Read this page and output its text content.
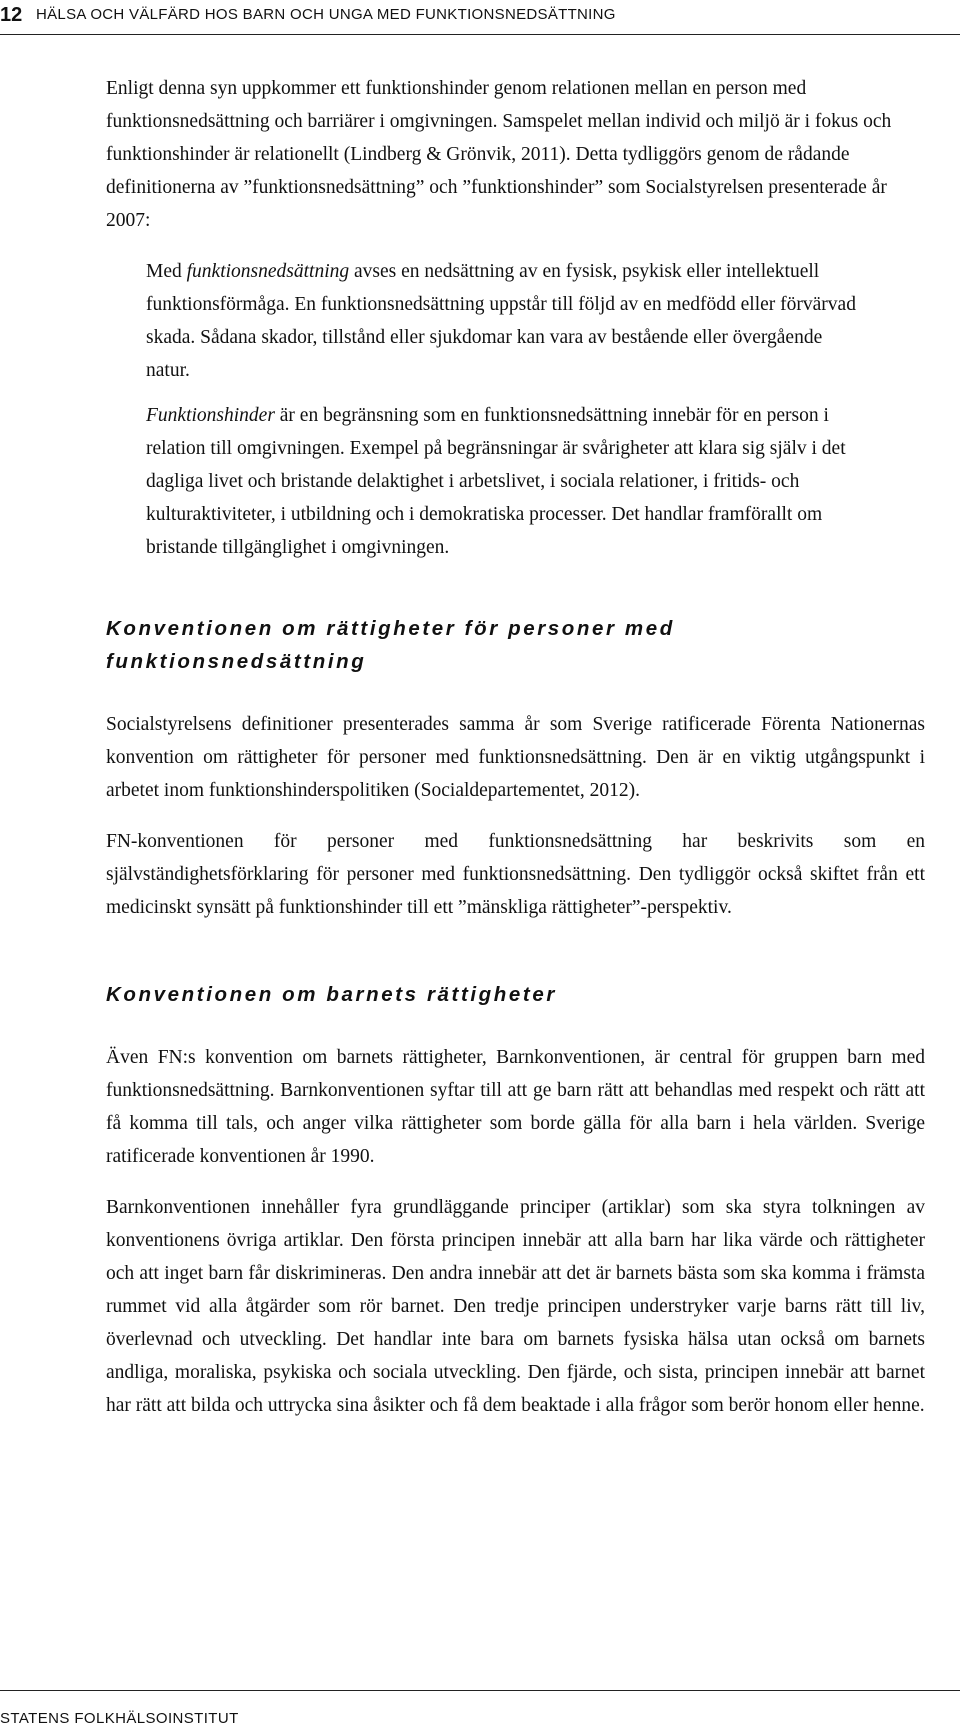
12 HÄLSA OCH VÄLFÄRD HOS BARN OCH UNGA MED FUNKTIONSNEDSÄTTNING

Enligt denna syn uppkommer ett funktionshinder genom relationen mellan en person med funktionsnedsättning och barriärer i omgivningen. Samspelet mellan individ och miljö är i fokus och funktionshinder är relationellt (Lindberg & Grönvik, 2011). Detta tydliggörs genom de rådande definitionerna av ”funktionsnedsättning” och ”funktionshinder” som Socialstyrelsen presenterade år 2007:

Med funktionsnedsättning avses en nedsättning av en fysisk, psykisk eller intellektuell funktionsförmåga. En funktionsnedsättning uppstår till följd av en medfödd eller förvärvad skada. Sådana skador, tillstånd eller sjukdomar kan vara av bestående eller övergående natur.

Funktionshinder är en begränsning som en funktionsnedsättning innebär för en person i relation till omgivningen. Exempel på begränsningar är svårigheter att klara sig själv i det dagliga livet och bristande delaktighet i arbetslivet, i sociala relationer, i fritids- och kulturaktiviteter, i utbildning och i demokratiska processer. Det handlar framförallt om bristande tillgänglighet i omgivningen.

Konventionen om rättigheter för personer med funktionsnedsättning

Socialstyrelsens definitioner presenterades samma år som Sverige ratificerade Förenta Nationernas konvention om rättigheter för personer med funktionsnedsättning. Den är en viktig utgångspunkt i arbetet inom funktionshinderspolitiken (Socialdepartementet, 2012).

FN-konventionen för personer med funktionsnedsättning har beskrivits som en självständighetsförklaring för personer med funktionsnedsättning. Den tydliggör också skiftet från ett medicinskt synsätt på funktionshinder till ett ”mänskliga rättigheter”-perspektiv.

Konventionen om barnets rättigheter

Även FN:s konvention om barnets rättigheter, Barnkonventionen, är central för gruppen barn med funktionsnedsättning. Barnkonventionen syftar till att ge barn rätt att behandlas med respekt och rätt att få komma till tals, och anger vilka rättigheter som borde gälla för alla barn i hela världen. Sverige ratificerade konventionen år 1990.

Barnkonventionen innehåller fyra grundläggande principer (artiklar) som ska styra tolkningen av konventionens övriga artiklar. Den första principen innebär att alla barn har lika värde och rättigheter och att inget barn får diskrimineras. Den andra innebär att det är barnets bästa som ska komma i främsta rummet vid alla åtgärder som rör barnet. Den tredje principen understryker varje barns rätt till liv, överlevnad och utveckling. Det handlar inte bara om barnets fysiska hälsa utan också om barnets andliga, moraliska, psykiska och sociala utveckling. Den fjärde, och sista, principen innebär att barnet har rätt att bilda och uttrycka sina åsikter och få dem beaktade i alla frågor som berör honom eller henne.

STATENS FOLKHÄLSOINSTITUT
